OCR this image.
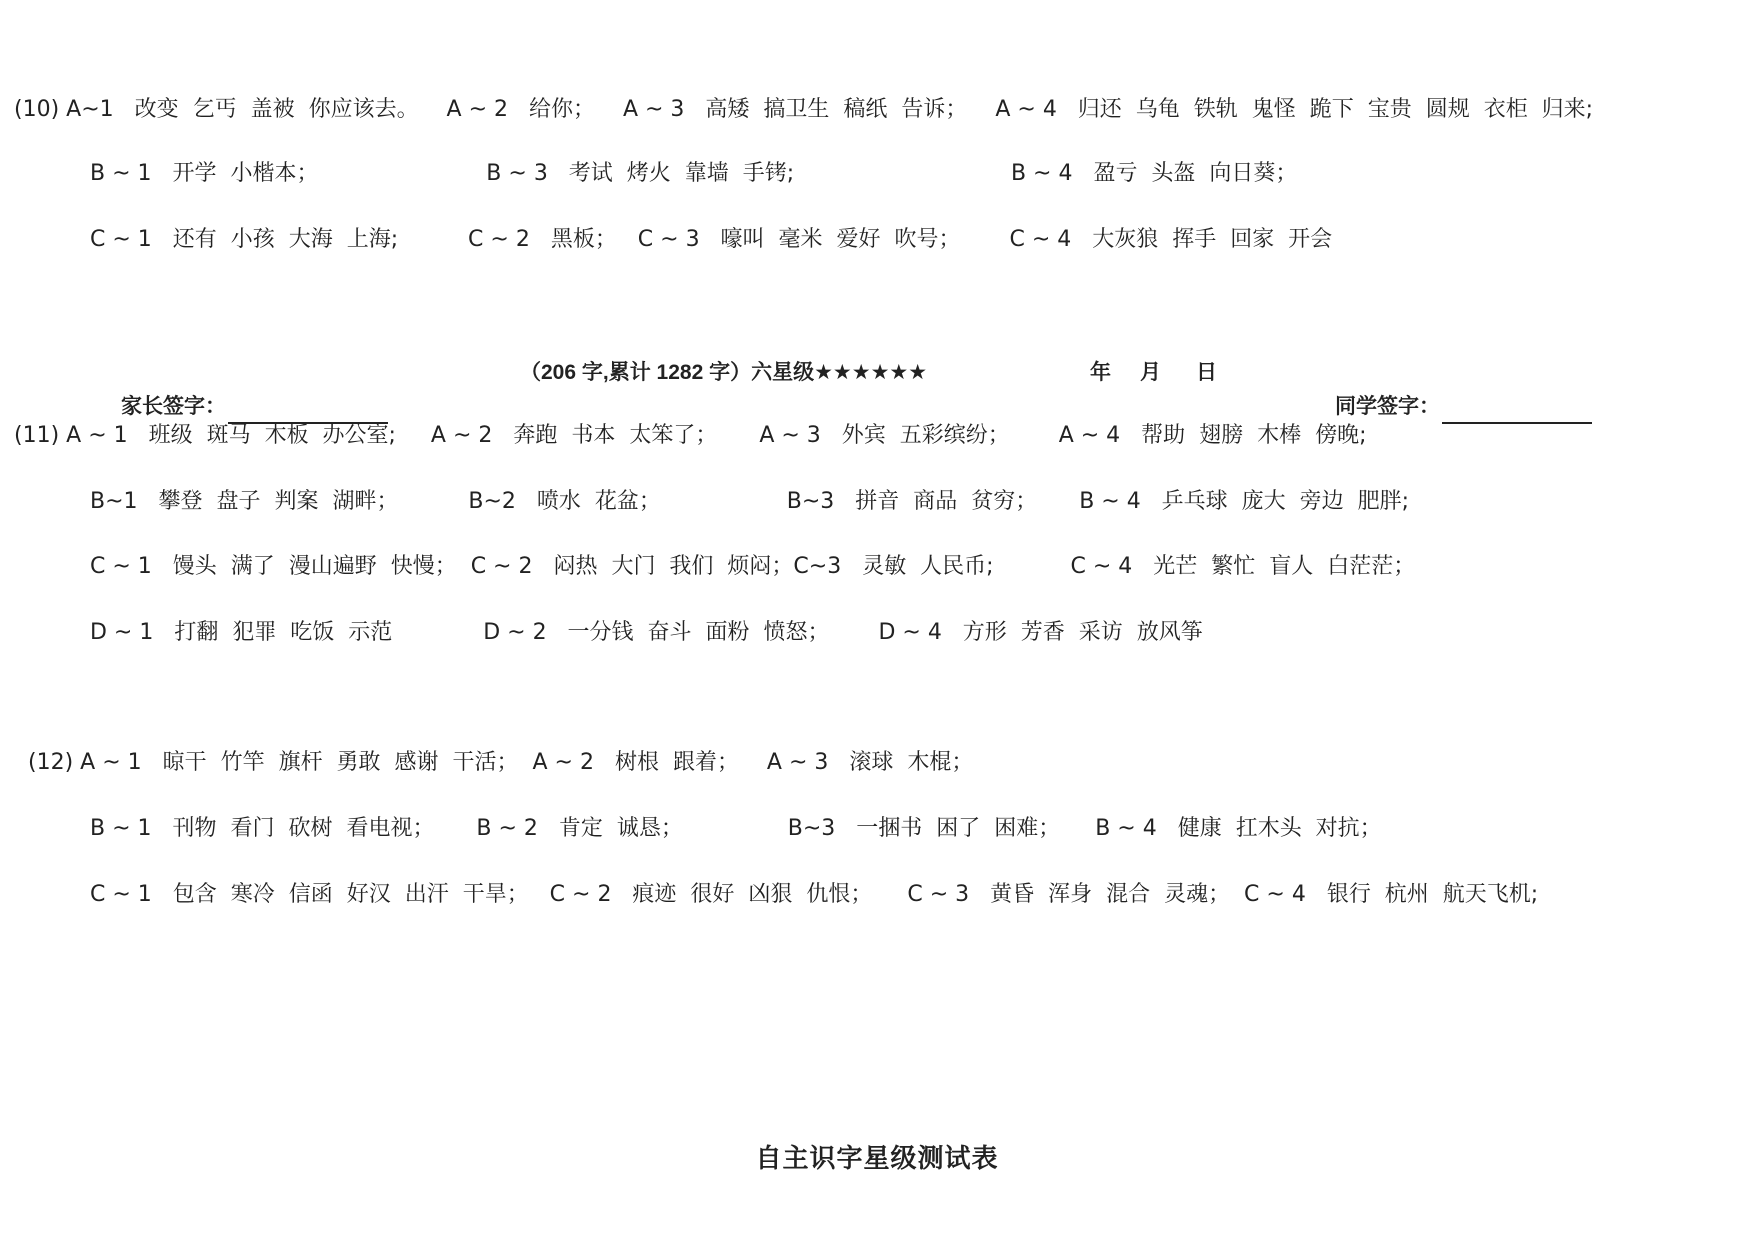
(10) A~1   改变  乞丐  盖被  你应该去。    A ~ 2   给你；    A ~ 3   高矮  搞卫生  稿纸  告诉；    A ~ 4   归还  乌龟  铁轨  鬼怪  跪下  宝贵  圆规  衣柜  归来;
B ~ 1   开学  小楷本；                        B ~ 3   考试  烤火  靠墙  手铐;                               B ~ 4   盈亏  头盔  向日葵；
C ~ 1   还有  小孩  大海  上海;          C ~ 2   黑板；   C ~ 3   嚎叫  毫米  爱好  吹号；       C ~ 4   大灰狼  挥手  回家  开会

家长签字：

（206 字,累计 1282 字）六星级★★★★★★	年 月 日

同学签字：

(11) A ~ 1   班级  斑马  木板  办公室;     A ~ 2   奔跑  书本  太笨了；      A ~ 3   外宾  五彩缤纷；       A ~ 4   帮助  翅膀  木棒  傍晚;
B~1   攀登  盘子  判案  湖畔；          B~2   喷水  花盆；                  B~3   拼音  商品  贫穷；      B ~ 4   乒乓球  庞大  旁边  肥胖;
C ~ 1   馒头  满了  漫山遍野  快慢；  C ~ 2   闷热  大门  我们  烦闷；C~3   灵敏  人民币;           C ~ 4   光芒  繁忙  盲人  白茫茫；
D ~ 1   打翻  犯罪  吃饭  示范             D ~ 2   一分钱  奋斗  面粉  愤怒；       D ~ 4   方形  芳香  采访  放风筝
(12) A ~ 1   晾干  竹竿  旗杆  勇敢  感谢  干活；  A ~ 2   树根  跟着；    A ~ 3   滚球  木棍；
B ~ 1   刊物  看门  砍树  看电视；      B ~ 2   肯定  诚恳；               B~3   一捆书  困了  困难；     B ~ 4   健康  扛木头  对抗；
C ~ 1   包含  寒冷  信函  好汉  出汗  干旱；   C ~ 2   痕迹  很好  凶狠  仇恨；     C ~ 3   黄昏  浑身  混合  灵魂；  C ~ 4   银行  杭州  航天飞机;
自主识字星级测试表
